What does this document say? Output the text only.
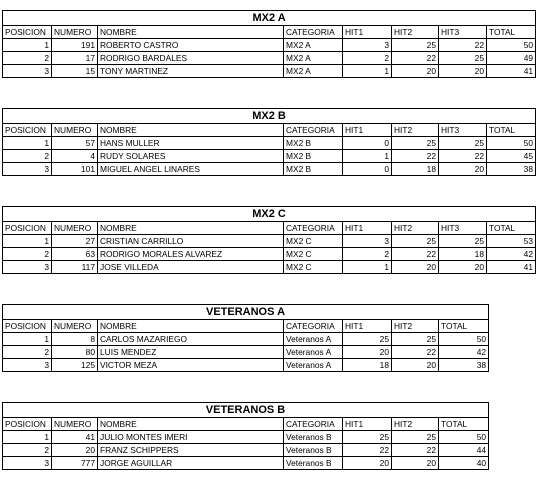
MX2 A							
POSICION	NUMERO	NOMBRE	CATEGORIA	HIT1	HIT2	HIT3	TOTAL
1	191	ROBERTO CASTRO	MX2 A	3	25	22	50
2	17	RODRIGO BARDALES	MX2 A	2	22	25	49
3	15	TONY MARTINEZ	MX2 A	1	20	20	41
MX2 B							
POSICION	NUMERO	NOMBRE	CATEGORIA	HIT1	HIT2	HIT3	TOTAL
1	57	HANS MULLER	MX2 B	0	25	25	50
2	4	RUDY SOLARES	MX2 B	1	22	22	45
3	101	MIGUEL ANGEL LINARES	MX2 B	0	18	20	38
MX2 C							
POSICION	NUMERO	NOMBRE	CATEGORIA	HIT1	HIT2	HIT3	TOTAL
1	27	CRISTIAN CARRILLO	MX2 C	3	25	25	53
2	63	RODRIGO MORALES ALVAREZ	MX2 C	2	22	18	42
3	117	JOSE VILLEDA	MX2 C	1	20	20	41
VETERANOS A						
POSICION	NUMERO	NOMBRE	CATEGORIA	HIT1	HIT2	TOTAL
1	8	CARLOS MAZARIEGO	Veteranos A	25	25	50
2	80	LUIS MENDEZ	Veteranos A	20	22	42
3	125	VICTOR MEZA	Veteranos A	18	20	38
VETERANOS B						
POSICION	NUMERO	NOMBRE	CATEGORIA	HIT1	HIT2	TOTAL
1	41	JULIO MONTES IMERI	Veteranos B	25	25	50
2	20	FRANZ SCHIPPERS	Veteranos B	22	22	44
3	777	JORGE AGUILLAR	Veteranos B	20	20	40
